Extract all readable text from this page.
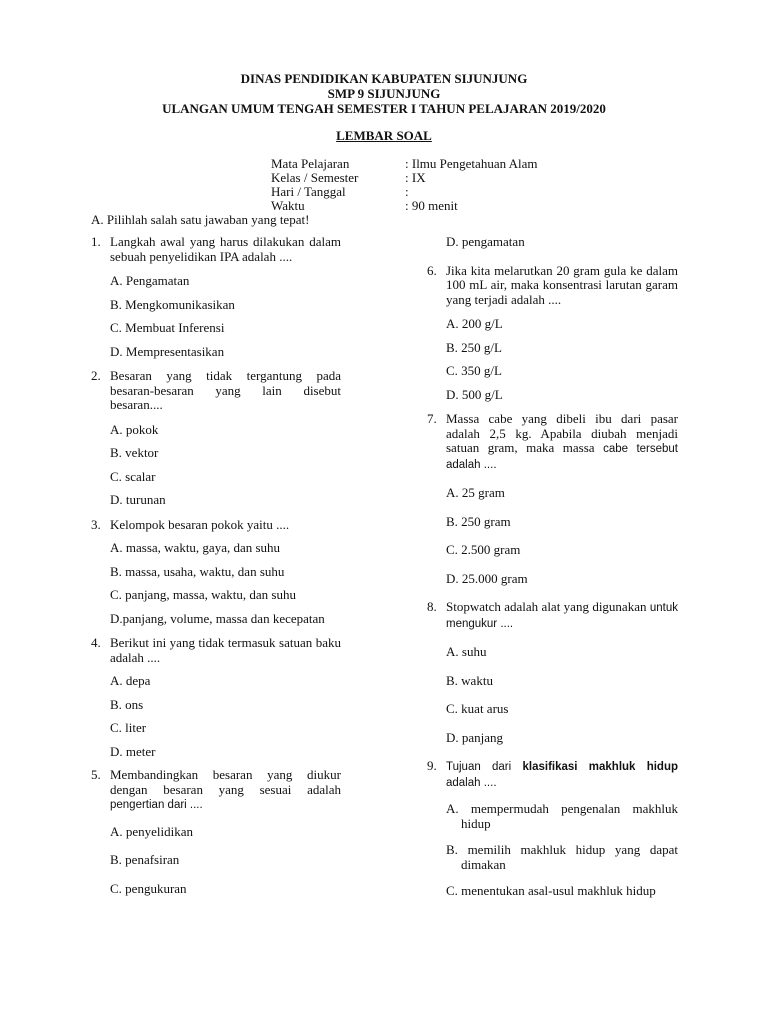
DINAS PENDIDIKAN KABUPATEN SIJUNJUNG
SMP 9 SIJUNJUNG
ULANGAN UMUM TENGAH SEMESTER I TAHUN PELAJARAN 2019/2020
LEMBAR SOAL
Mata Pelajaran	: Ilmu Pengetahuan Alam
Kelas / Semester	: IX
Hari / Tanggal	:
Waktu	: 90 menit
A. Pilihlah salah satu jawaban yang tepat!
1. Langkah awal yang harus dilakukan dalam sebuah penyelidikan IPA adalah ....
A. Pengamatan
B. Mengkomunikasikan
C. Membuat Inferensi
D. Mempresentasikan
2. Besaran yang tidak tergantung pada besaran-besaran yang lain disebut besaran....
A. pokok
B. vektor
C. scalar
D. turunan
3. Kelompok besaran pokok yaitu ....
A. massa, waktu, gaya, dan suhu
B. massa, usaha, waktu, dan suhu
C. panjang, massa, waktu, dan suhu
D.panjang, volume, massa dan kecepatan
4. Berikut ini yang tidak termasuk satuan baku adalah ....
A. depa
B. ons
C. liter
D. meter
5. Membandingkan besaran yang diukur dengan besaran yang sesuai adalah pengertian dari ....
A. penyelidikan
B. penafsiran
C. pengukuran
D. pengamatan
6. Jika kita melarutkan 20 gram gula ke dalam 100 mL air, maka konsentrasi larutan garam yang terjadi adalah ....
A. 200 g/L
B. 250 g/L
C. 350 g/L
D. 500 g/L
7. Massa cabe yang dibeli ibu dari pasar adalah 2,5 kg. Apabila diubah menjadi satuan gram, maka massa cabe tersebut adalah ....
A. 25 gram
B. 250 gram
C. 2.500 gram
D. 25.000 gram
8. Stopwatch adalah alat yang digunakan untuk mengukur ....
A. suhu
B. waktu
C. kuat arus
D. panjang
9. Tujuan dari klasifikasi makhluk hidup adalah ....
A. mempermudah pengenalan makhluk hidup
B. memilih makhluk hidup yang dapat dimakan
C. menentukan asal-usul makhluk hidup
